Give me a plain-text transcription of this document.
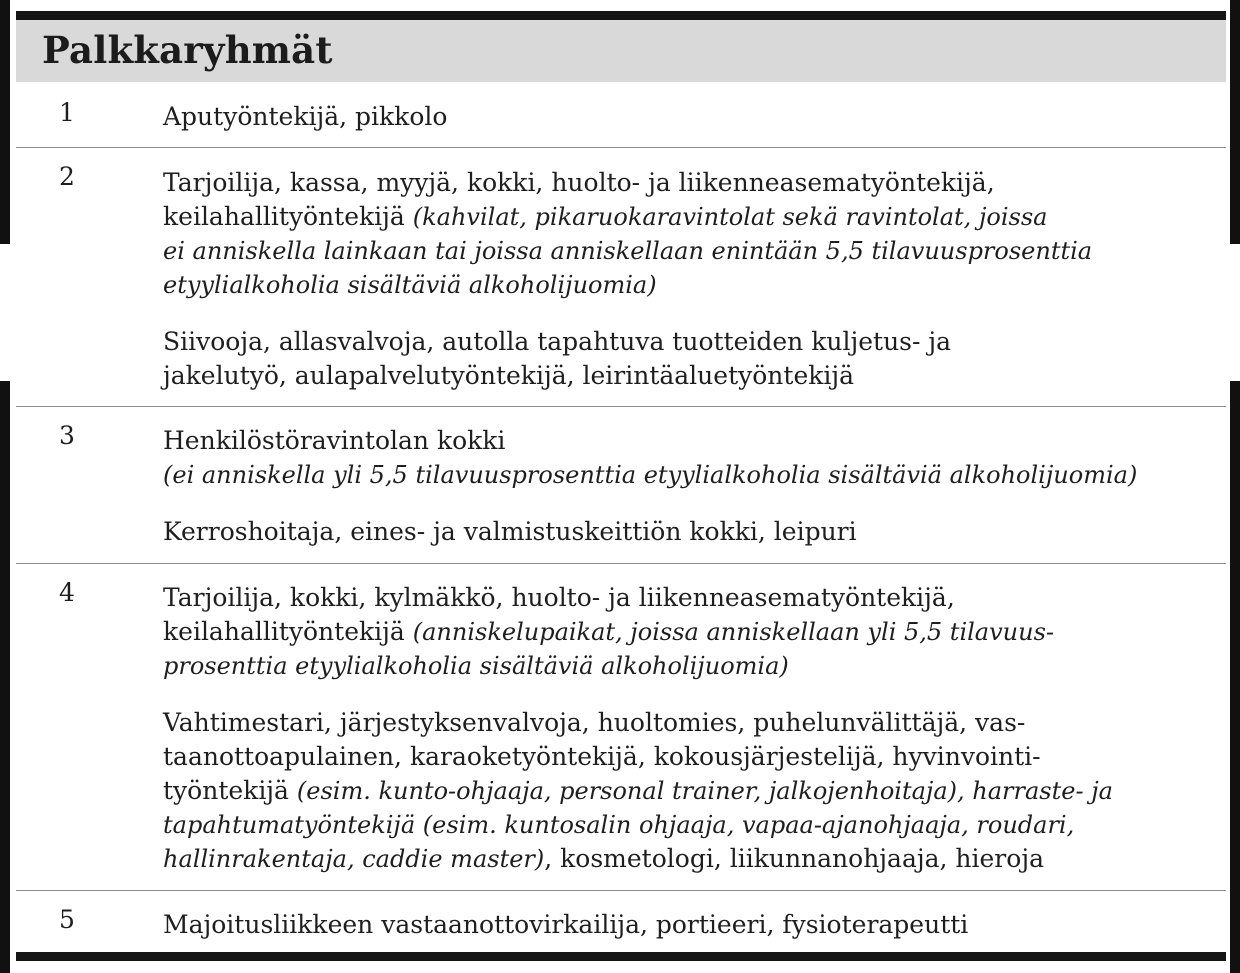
Palkkaryhmät
1	Aputyöntekijä, pikkolo

2	Tarjoilija, kassa, myyjä, kokki, huolto- ja liikenneasematyöntekijä,
keilahallityöntekijä (kahvilat, pikaruokaravintolat sekä ravintolat, joissa
ei anniskella lainkaan tai joissa anniskellaan enintään 5,5 tilavuusprosenttia
etyylialkoholia sisältäviä alkoholijuomia)

Siivooja, allasvalvoja, autolla tapahtuva tuotteiden kuljetus- ja
jakelutyö, aulapalvelutyöntekijä, leirintäaluetyöntekijä

3	Henkilöstöravintolan kokki
(ei anniskella yli 5,5 tilavuusprosenttia etyylialkoholia sisältäviä alkoholijuomia)

Kerroshoitaja, eines- ja valmistuskeittiön kokki, leipuri

4	Tarjoilija, kokki, kylmäkkö, huolto- ja liikenneasematyöntekijä,
keilahallityöntekijä (anniskelupaikat, joissa anniskellaan yli 5,5 tilavuus-
prosenttia etyylialkoholia sisältäviä alkoholijuomia)

Vahtimestari, järjestyksenvalvoja, huoltomies, puhelunvälittäjä, vas-
taanottoapulainen, karaoketyöntekijä, kokousjärjestelijä, hyvinvointi-
työntekijä (esim. kunto-ohjaaja, personal trainer, jalkojenhoitaja), harraste- ja
tapahtumatyöntekijä (esim. kuntosalin ohjaaja, vapaa-ajanohjaaja, roudari,
hallinrakentaja, caddie master), kosmetologi, liikunnanohjaaja, hieroja

5	Majoitusliikkeen vastaanottovirkailija, portieeri, fysioterapeutti
